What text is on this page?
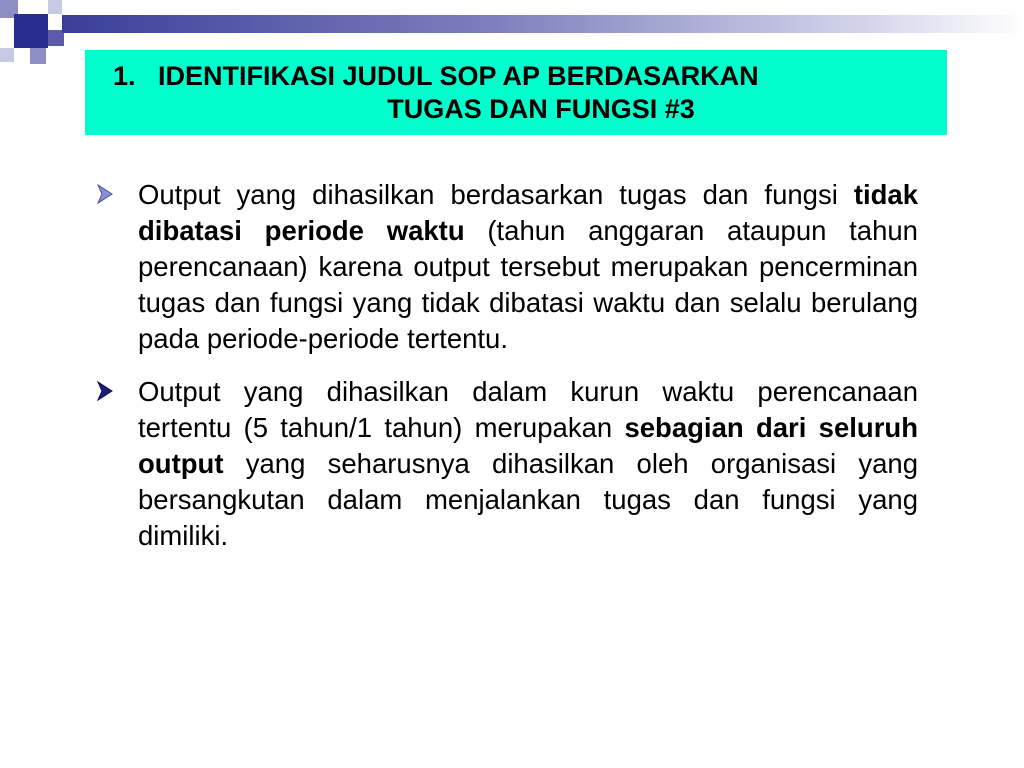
1. IDENTIFIKASI JUDUL SOP AP BERDASARKAN
TUGAS DAN FUNGSI #3
Output yang dihasilkan berdasarkan tugas dan fungsi tidak dibatasi periode waktu (tahun anggaran ataupun tahun perencanaan) karena output tersebut merupakan pencerminan tugas dan fungsi yang tidak dibatasi waktu dan selalu berulang pada periode-periode tertentu.
Output yang dihasilkan dalam kurun waktu perencanaan tertentu (5 tahun/1 tahun) merupakan sebagian dari seluruh output yang seharusnya dihasilkan oleh organisasi yang bersangkutan dalam menjalankan tugas dan fungsi yang dimiliki.
